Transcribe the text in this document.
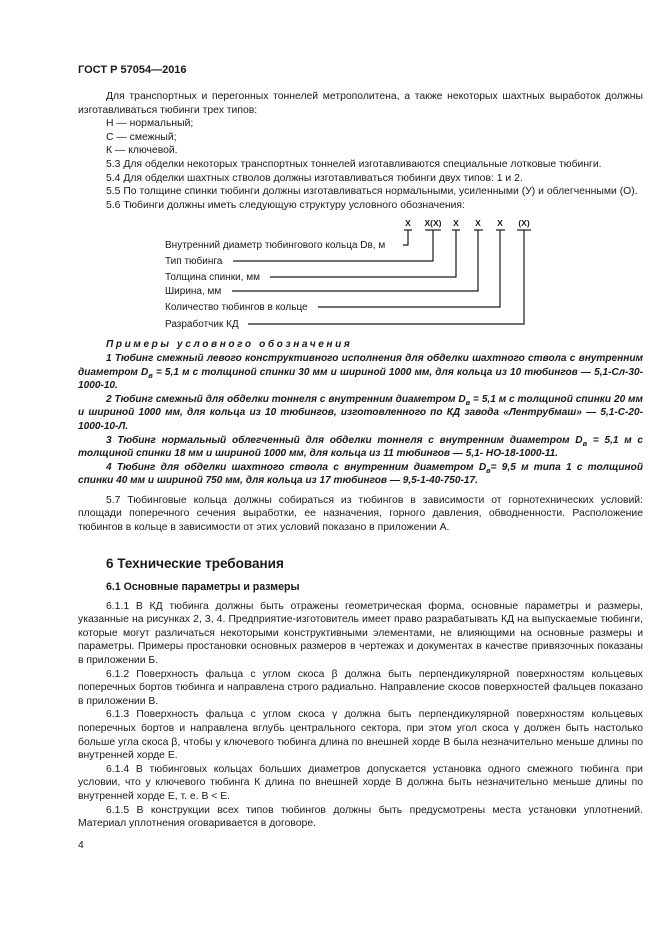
ГОСТ Р 57054—2016

Для транспортных и перегонных тоннелей метрополитена, а также некоторых шахтных выработок должны изготавливаться тюбинги трех типов:

Н — нормальный;

С — смежный;

К — ключевой.

5.3 Для обделки некоторых транспортных тоннелей изготавливаются специальные лотковые тюбинги.

5.4 Для обделки шахтных стволов должны изготавливаться тюбинги двух типов: 1 и 2.

5.5 По толщине спинки тюбинги должны изготавливаться нормальными, усиленными (У) и облегченными (О).

5.6 Тюбинги должны иметь следующую структуру условного обозначения:

Х Х(Х) Х Х Х (Х)
Внутренний диаметр тюбингового кольца Dв, м
Тип тюбинга
Толщина спинки, мм
Ширина, мм
Количество тюбингов в кольце
Разработчик КД

Примеры условного обозначения

1 Тюбинг смежный левого конструктивного исполнения для обделки шахтного ствола с внутренним диаметром $D_в = 5,1$ м с толщиной спинки 30 мм и шириной 1000 мм, для кольца из 10 тюбингов — 5,1-Сл-30-1000-10.

2 Тюбинг смежный для обделки тоннеля с внутренним диаметром $D_в = 5,1$ м с толщиной спинки 20 мм и шириной 1000 мм, для кольца из 10 тюбингов, изготовленного по КД завода «Лентрубмаш» — 5,1-С-20-1000-10-Л.

3 Тюбинг нормальный облегченный для обделки тоннеля с внутренним диаметром $D_в = 5,1$ м с толщиной спинки 18 мм и шириной 1000 мм, для кольца из 11 тюбингов — 5,1- НО-18-1000-11.

4 Тюбинг для обделки шахтного ствола с внутренним диаметром $D_в= 9,5$ м типа 1 с толщиной спинки 40 мм и шириной 750 мм, для кольца из 17 тюбингов — 9,5-1-40-750-17.

5.7 Тюбинговые кольца должны собираться из тюбингов в зависимости от горнотехнических условий: площади поперечного сечения выработки, ее назначения, горного давления, обводненности. Расположение тюбингов в кольце в зависимости от этих условий показано в приложении А.

6 Технические требования
6.1 Основные параметры и размеры

6.1.1 В КД тюбинга должны быть отражены геометрическая форма, основные параметры и размеры, указанные на рисунках 2, 3, 4. Предприятие-изготовитель имеет право разрабатывать КД на выпускаемые тюбинги, которые могут различаться некоторыми конструктивными элементами, не влияющими на основные размеры и параметры. Примеры простановки основных размеров в чертежах и документах в качестве привязочных показаны в приложении Б.

6.1.2 Поверхность фальца с углом скоса β должна быть перпендикулярной поверхностям кольцевых поперечных бортов тюбинга и направлена строго радиально. Направление скосов поверхностей фальцев показано в приложении В.

6.1.3 Поверхность фальца с углом скоса γ должна быть перпендикулярной поверхностям кольцевых поперечных бортов и направлена вглубь центрального сектора, при этом угол скоса γ должен быть настолько больше угла скоса β, чтобы у ключевого тюбинга длина по внешней хорде B была незначительно меньше длины по внутренней хорде E.

6.1.4 В тюбинговых кольцах больших диаметров допускается установка одного смежного тюбинга при условии, что у ключевого тюбинга К длина по внешней хорде B должна быть незначительно меньше длины по внутренней хорде E, т. е. B < E.

6.1.5 В конструкции всех типов тюбингов должны быть предусмотрены места установки уплотнений. Материал уплотнения оговаривается в договоре.

4
